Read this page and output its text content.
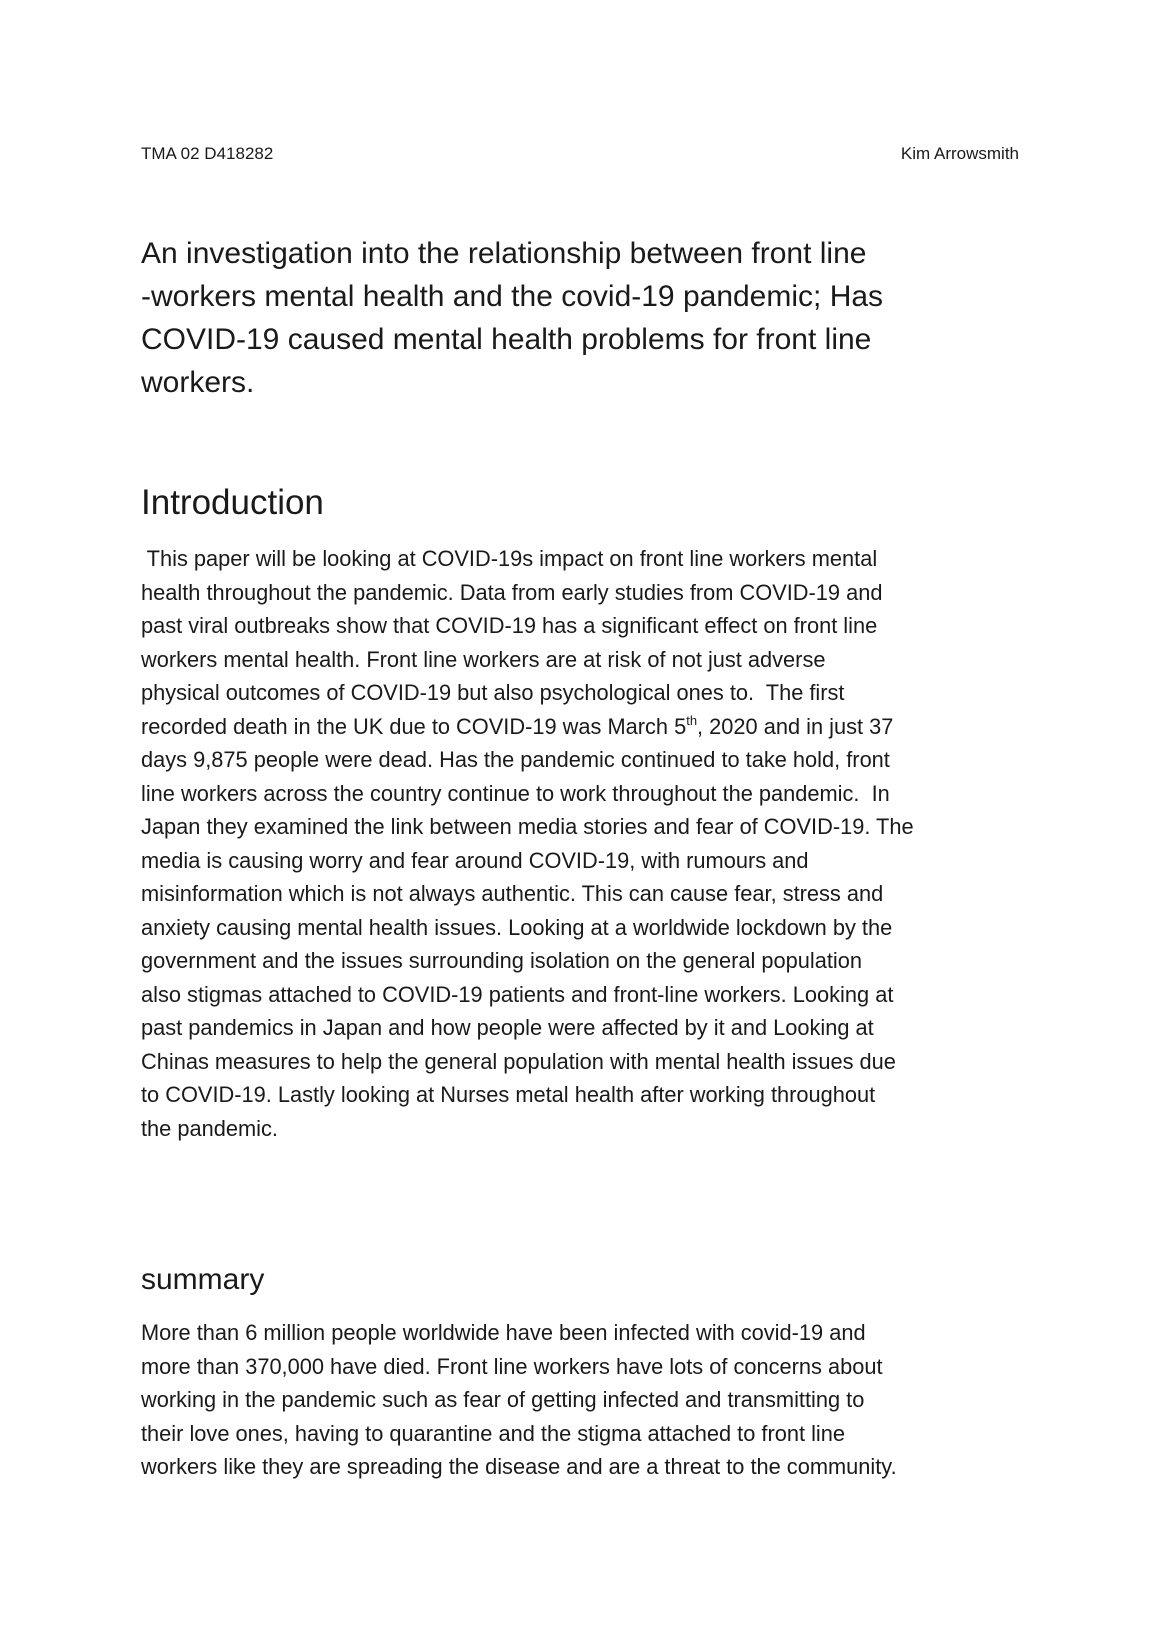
TMA 02 D418282	Kim Arrowsmith
An investigation into the relationship between front line
-workers mental health and the covid-19 pandemic; Has
COVID-19 caused mental health problems for front line
workers.
Introduction

This paper will be looking at COVID-19s impact on front line workers mental
health throughout the pandemic. Data from early studies from COVID-19 and
past viral outbreaks show that COVID-19 has a significant effect on front line
workers mental health. Front line workers are at risk of not just adverse
physical outcomes of COVID-19 but also psychological ones to.  The first
recorded death in the UK due to COVID-19 was March 5th, 2020 and in just 37
days 9,875 people were dead. Has the pandemic continued to take hold, front
line workers across the country continue to work throughout the pandemic.  In
Japan they examined the link between media stories and fear of COVID-19. The
media is causing worry and fear around COVID-19, with rumours and
misinformation which is not always authentic. This can cause fear, stress and
anxiety causing mental health issues. Looking at a worldwide lockdown by the
government and the issues surrounding isolation on the general population
also stigmas attached to COVID-19 patients and front-line workers. Looking at
past pandemics in Japan and how people were affected by it and Looking at
Chinas measures to help the general population with mental health issues due
to COVID-19. Lastly looking at Nurses metal health after working throughout
the pandemic.

summary

More than 6 million people worldwide have been infected with covid-19 and
more than 370,000 have died. Front line workers have lots of concerns about
working in the pandemic such as fear of getting infected and transmitting to
their love ones, having to quarantine and the stigma attached to front line
workers like they are spreading the disease and are a threat to the community.
